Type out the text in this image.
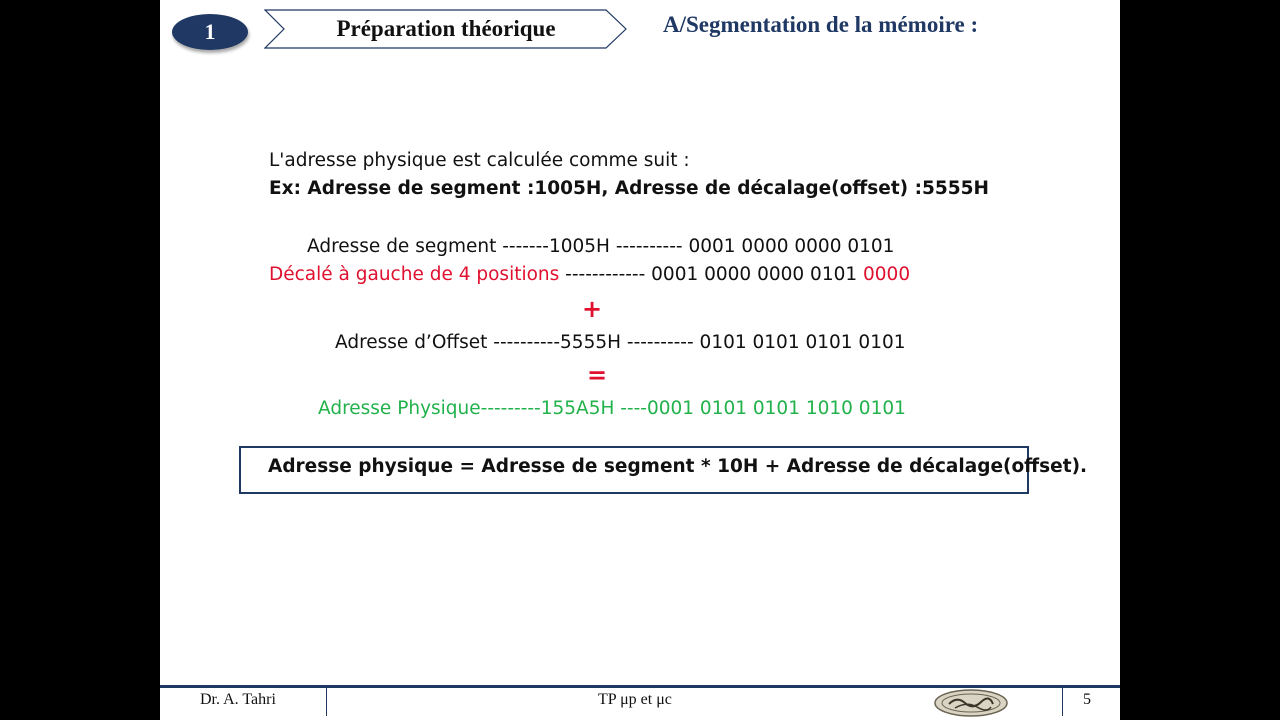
1	Préparation théorique	A/Segmentation de la mémoire :
L'adresse physique est calculée comme suit :
Ex: Adresse de segment :1005H, Adresse de décalage(offset) :5555H
Adresse de segment -------1005H ---------- 0001 0000 0000 0101
Décalé à gauche de 4 positions ------------ 0001 0000 0000 0101 0000
+
Adresse d’Offset ----------5555H ---------- 0101 0101 0101 0101
=
Adresse Physique---------155A5H ----0001 0101 0101 1010 0101
Adresse physique = Adresse de segment * 10H + Adresse de décalage(offset).
Dr. A. Tahri	TP μp et μc	5
